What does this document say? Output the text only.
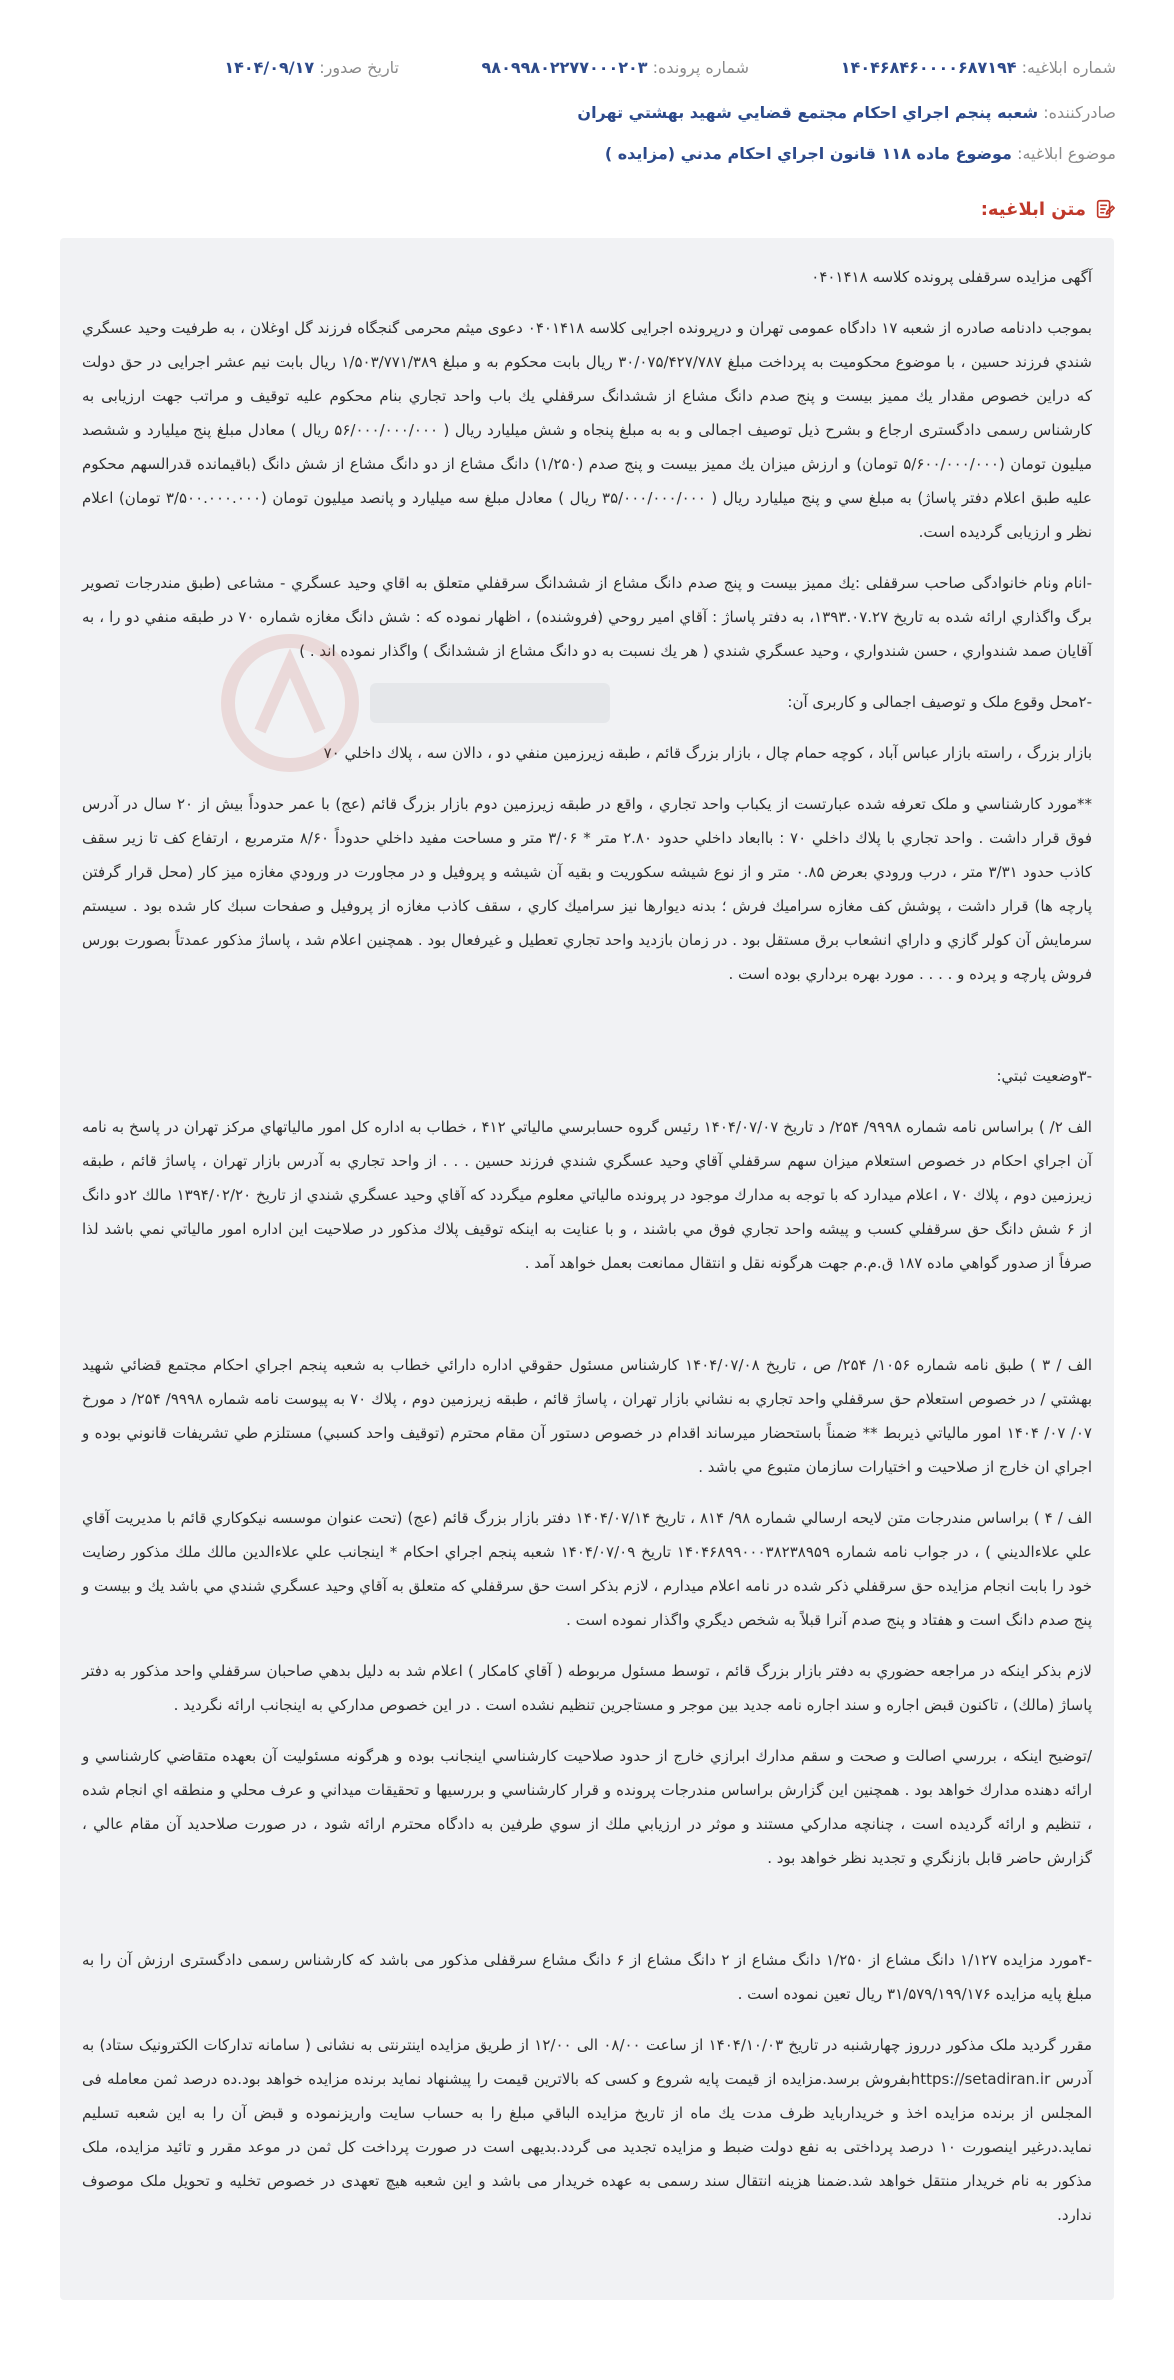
شماره ابلاغيه: ۱۴۰۴۶۸۴۶۰۰۰۰۶۸۷۱۹۴
شماره پرونده: ۹۸۰۹۹۸۰۲۲۷۷۰۰۰۲۰۳
تاريخ صدور: ۱۴۰۴/۰۹/۱۷
صادرکننده: شعبه پنجم اجراي احکام مجتمع قضايي شهيد بهشتي تهران
موضوع ابلاغيه: موضوع ماده ۱۱۸ قانون اجراي احکام مدني (مزايده )
متن ابلاغيه:

آگهی مزایده سرقفلی پرونده کلاسه ۰۴۰۱۴۱۸

بموجب دادنامه صادره از شعبه ۱۷ دادگاه عمومی تهران و درپرونده اجرایی کلاسه ۰۴۰۱۴۱۸ دعوی میثم محرمی گنجگاه فرزند گل اوغلان ، به طرفیت وحید عسگري شندي فرزند حسین ، با موضوع محکومیت به پرداخت مبلغ ۳۰/۰۷۵/۴۲۷/۷۸۷ ریال بابت محکوم به و مبلغ ۱/۵۰۳/۷۷۱/۳۸۹ ریال بابت نیم عشر اجرایی در حق دولت که دراین خصوص مقدار یك ممیز بیست و پنج صدم دانگ مشاع از ششدانگ سرقفلي يك باب واحد تجاري بنام محکوم علیه توقیف و مراتب جهت ارزیابی به کارشناس رسمی دادگستری ارجاع و بشرح ذیل توصیف اجمالی و به به مبلغ پنجاه و شش میلیارد ریال ( ۵۶/۰۰۰/۰۰۰/۰۰۰ ریال ) معادل مبلغ پنج میلیارد و ششصد میلیون تومان (۵/۶۰۰/۰۰۰/۰۰۰ تومان) و ارزش میزان یك ممیز بیست و پنج صدم (۱/۲۵۰) دانگ مشاع از دو دانگ مشاع از شش دانگ (باقیمانده قدرالسهم محکوم علیه طبق اعلام دفتر پاساژ) به مبلغ سي و پنج میلیارد ریال ( ۳۵/۰۰۰/۰۰۰/۰۰۰ ریال ) معادل مبلغ سه میلیارد و پانصد میلیون تومان (۳/۵۰۰.۰۰۰.۰۰۰ تومان) اعلام نظر و ارزیابی گردیده است.

-انام ونام خانوادگی صاحب سرقفلی :یك ممیز بیست و پنج صدم دانگ مشاع از ششدانگ سرقفلي متعلق به اقاي وحید عسگري - مشاعی (طبق مندرجات تصویر برگ واگذاري ارائه شده به تاريخ ۱۳۹۳.۰۷.۲۷، به دفتر پاساژ : آقاي امیر روحي (فروشنده) ، اظهار نموده که : شش دانگ مغازه شماره ۷۰ در طبقه منفي دو را ، به آقايان صمد شندواري ، حسن شندواري ، وحيد عسگري شندي ( هر يك نسبت به دو دانگ مشاع از ششدانگ ) واگذار نموده اند . )

-۲محل وقوع ملک و توصیف اجمالی و کاربری آن:

بازار بزرگ ، راسته بازار عباس آباد ، کوچه حمام چال ، بازار بزرگ قائم ، طبقه زيرزمين منفي دو ، دالان سه ، پلاك داخلي ۷۰

**مورد کارشناسي و ملک تعرفه شده عبارتست از يکباب واحد تجاري ، واقع در طبقه زيرزمين دوم بازار بزرگ قائم (عج) با عمر حدوداً بيش از ۲۰ سال در آدرس فوق قرار داشت . واحد تجاري با پلاك داخلي ۷۰ : باابعاد داخلي حدود ۲.۸۰ متر * ۳/۰۶ متر و مساحت مفيد داخلي حدوداً ۸/۶۰ مترمربع ، ارتفاع کف تا زير سقف کاذب حدود ۳/۳۱ متر ، درب ورودي بعرض ۰.۸۵ متر و از نوع شيشه سکوريت و بقيه آن شيشه و پروفيل و در مجاورت در ورودي مغازه ميز کار (محل قرار گرفتن پارچه ها) قرار داشت ، پوشش کف مغازه سراميك فرش ؛ بدنه ديوارها نيز سراميك کاري ، سقف کاذب مغازه از پروفيل و صفحات سبك کار شده بود . سيستم سرمايش آن کولر گازي و داراي انشعاب برق مستقل بود . در زمان بازديد واحد تجاري تعطيل و غيرفعال بود . همچنين اعلام شد ، پاساژ مذکور عمدتاً بصورت بورس فروش پارچه و پرده و . . . . مورد بهره برداري بوده است .

-۳وضعيت ثبتي:

الف ۲/ ) براساس نامه شماره ۹۹۹۸/ ۲۵۴/ د تاريخ ۱۴۰۴/۰۷/۰۷ رئيس گروه حسابرسي مالياتي ۴۱۲ ، خطاب به اداره کل امور مالياتهاي مرکز تهران در پاسخ به نامه آن اجراي احکام در خصوص استعلام ميزان سهم سرقفلي آقاي وحيد عسگري شندي فرزند حسين . . . از واحد تجاري به آدرس بازار تهران ، پاساژ قائم ، طبقه زيرزمين دوم ، پلاك ۷۰ ، اعلام ميدارد که با توجه به مدارك موجود در پرونده مالياتي معلوم ميگردد که آقاي وحيد عسگري شندي از تاريخ ۱۳۹۴/۰۲/۲۰ مالك ۲دو دانگ از ۶ شش دانگ حق سرقفلي کسب و پيشه واحد تجاري فوق مي باشند ، و با عنايت به اينکه توقيف پلاك مذکور در صلاحيت اين اداره امور مالياتي نمي باشد لذا صرفاً از صدور گواهي ماده ۱۸۷ ق.م.م جهت هرگونه نقل و انتقال ممانعت بعمل خواهد آمد .

الف / ۳ ) طبق نامه شماره ۱۰۵۶/ ۲۵۴/ ص ، تاريخ ۱۴۰۴/۰۷/۰۸ کارشناس مسئول حقوقي اداره دارائي خطاب به شعبه پنجم اجراي احکام مجتمع قضائي شهيد بهشتي / در خصوص استعلام حق سرقفلي واحد تجاري به نشاني بازار تهران ، پاساژ قائم ، طبقه زيرزمين دوم ، پلاك ۷۰ به پيوست نامه شماره ۹۹۹۸/ ۲۵۴/ د مورخ ۰۷/ ۰۷/ ۱۴۰۴ امور مالياتي ذيربط ** ضمناً باستحضار ميرساند اقدام در خصوص دستور آن مقام محترم (توقيف واحد کسبي) مستلزم طي تشريفات قانوني بوده و اجراي ان خارج از صلاحيت و اختيارات سازمان متبوع مي باشد .

الف / ۴ ) براساس مندرجات متن لايحه ارسالي شماره ۹۸/ ۸۱۴ ، تاريخ ۱۴۰۴/۰۷/۱۴ دفتر بازار بزرگ قائم (عج) (تحت عنوان موسسه نيکوکاري قائم با مديريت آقاي علي علاءالديني ) ، در جواب نامه شماره ۱۴۰۴۶۸۹۹۰۰۰۳۸۲۳۸۹۵۹ تاريخ ۱۴۰۴/۰۷/۰۹ شعبه پنجم اجراي احکام * اينجانب علي علاءالدين مالك ملك مذکور رضايت خود را بابت انجام مزايده حق سرقفلي ذکر شده در نامه اعلام ميدارم ، لازم بذکر است حق سرقفلي که متعلق به آقاي وحيد عسگري شندي مي باشد يك و بيست و پنج صدم دانگ است و هفتاد و پنج صدم آنرا قبلاً به شخص ديگري واگذار نموده است .

لازم بذکر اينکه در مراجعه حضوري به دفتر بازار بزرگ قائم ، توسط مسئول مربوطه ( آقاي کامکار ) اعلام شد به دليل بدهي صاحبان سرقفلي واحد مذکور به دفتر پاساژ (مالك) ، تاکنون قبض اجاره و سند اجاره نامه جديد بين موجر و مستاجرين تنظيم نشده است . در اين خصوص مدارکي به اينجانب ارائه نگرديد .

/توضيح اينکه ، بررسي اصالت و صحت و سقم مدارك ابرازي خارج از حدود صلاحيت کارشناسي اينجانب بوده و هرگونه مسئوليت آن بعهده متقاضي کارشناسي و ارائه دهنده مدارك خواهد بود . همچنين اين گزارش براساس مندرجات پرونده و قرار کارشناسي و بررسيها و تحقيقات ميداني و عرف محلي و منطقه اي انجام شده ، تنظيم و ارائه گرديده است ، چنانچه مداركي مستند و موثر در ارزيابي ملك از سوي طرفين به دادگاه محترم ارائه شود ، در صورت صلاحديد آن مقام عالي ، گزارش حاضر قابل بازنگري و تجديد نظر خواهد بود .

-۴مورد مزایده ۱/۱۲۷ دانگ مشاع از ۱/۲۵۰ دانگ مشاع از ۲ دانگ مشاع از ۶ دانگ مشاع سرقفلی مذکور می باشد که کارشناس رسمی دادگستری ارزش آن را به مبلغ پایه مزایده ۳۱/۵۷۹/۱۹۹/۱۷۶ ریال تعین نموده است .

مقرر گردید ملک مذکور درروز چهارشنبه در تاریخ ۱۴۰۴/۱۰/۰۳ از ساعت ۰۸/۰۰ الی ۱۲/۰۰ از طریق مزایده اینترنتی به نشانی ( سامانه تدارکات الکترونیک ستاد) به آدرس https://setadiran.irبفروش برسد.مزایده از قیمت پایه شروع و کسی که بالاترین قیمت را پیشنهاد نماید برنده مزایده خواهد بود.ده درصد ثمن معامله فی المجلس از برنده مزایده اخذ و خریداربايد ظرف مدت يك ماه از تاريخ مزايده الباقي مبلغ را به حساب سایت واریزنموده و قبض آن را به این شعبه تسلیم نماید.درغیر اینصورت ۱۰ درصد پرداختی به نفع دولت ضبط و مزایده تجدید می گردد.بدیهی است در صورت پرداخت کل ثمن در موعد مقرر و تائید مزایده، ملک مذکور به نام خریدار منتقل خواهد شد.ضمنا هزینه انتقال سند رسمی به عهده خریدار می باشد و این شعبه هیچ تعهدی در خصوص تخلیه و تحویل ملک موصوف ندارد.
